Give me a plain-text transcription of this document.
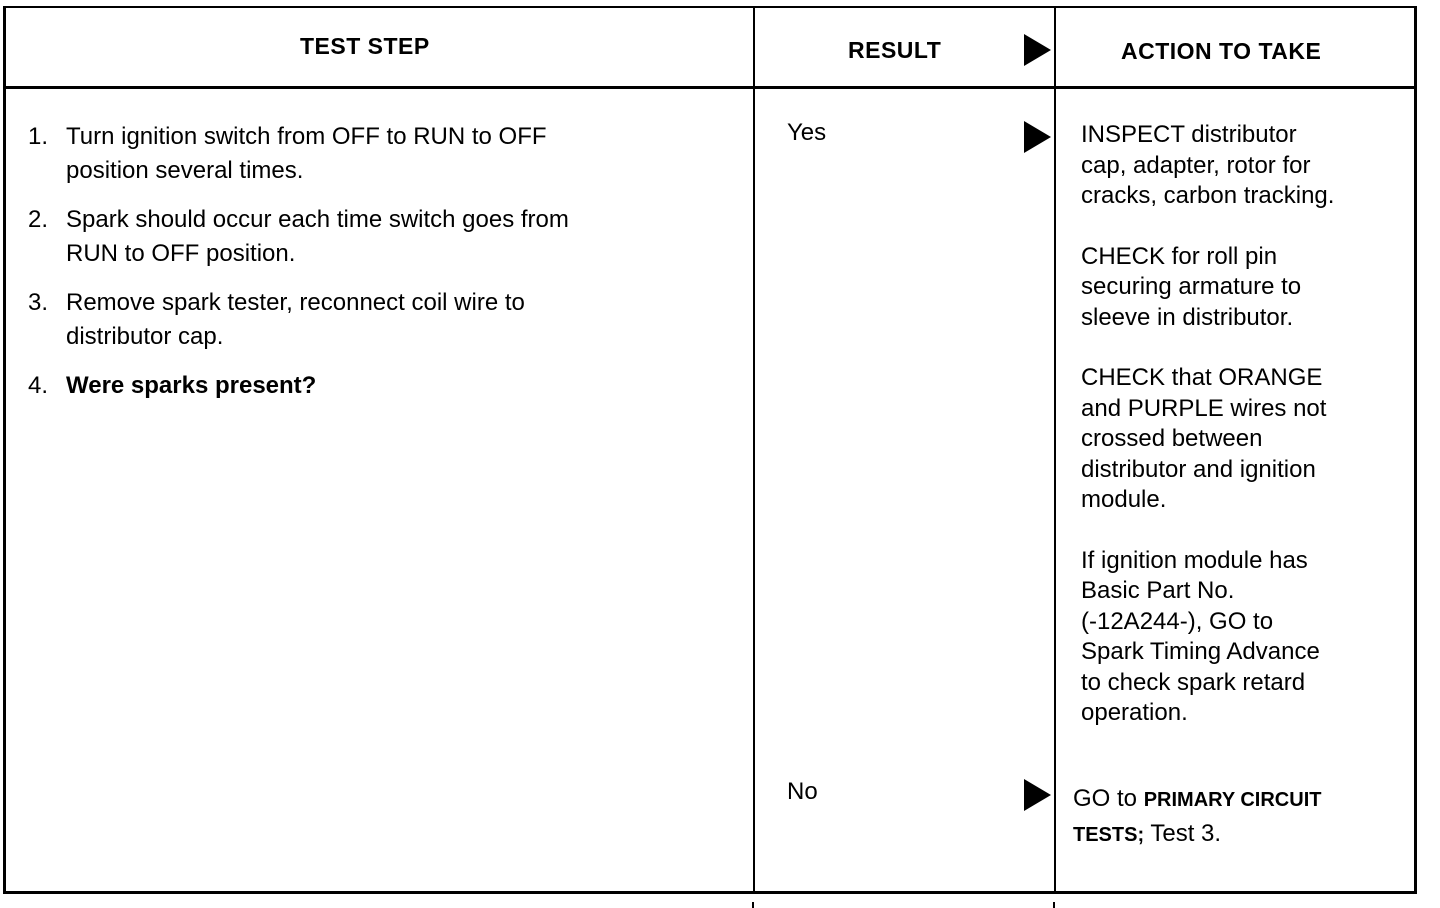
TEST STEP	RESULT	ACTION TO TAKE
1. Turn ignition switch from OFF to RUN to OFF
position several times.
2. Spark should occur each time switch goes from
RUN to OFF position.
3. Remove spark tester, reconnect coil wire to
distributor cap.
4. Were sparks present?
Yes
No
INSPECT distributor
cap, adapter, rotor for
cracks, carbon tracking.
CHECK for roll pin
securing armature to
sleeve in distributor.
CHECK that ORANGE
and PURPLE wires not
crossed between
distributor and ignition
module.
If ignition module has
Basic Part No.
(-12A244-), GO to
Spark Timing Advance
to check spark retard
operation.
GO to PRIMARY CIRCUIT
TESTS; Test 3.
